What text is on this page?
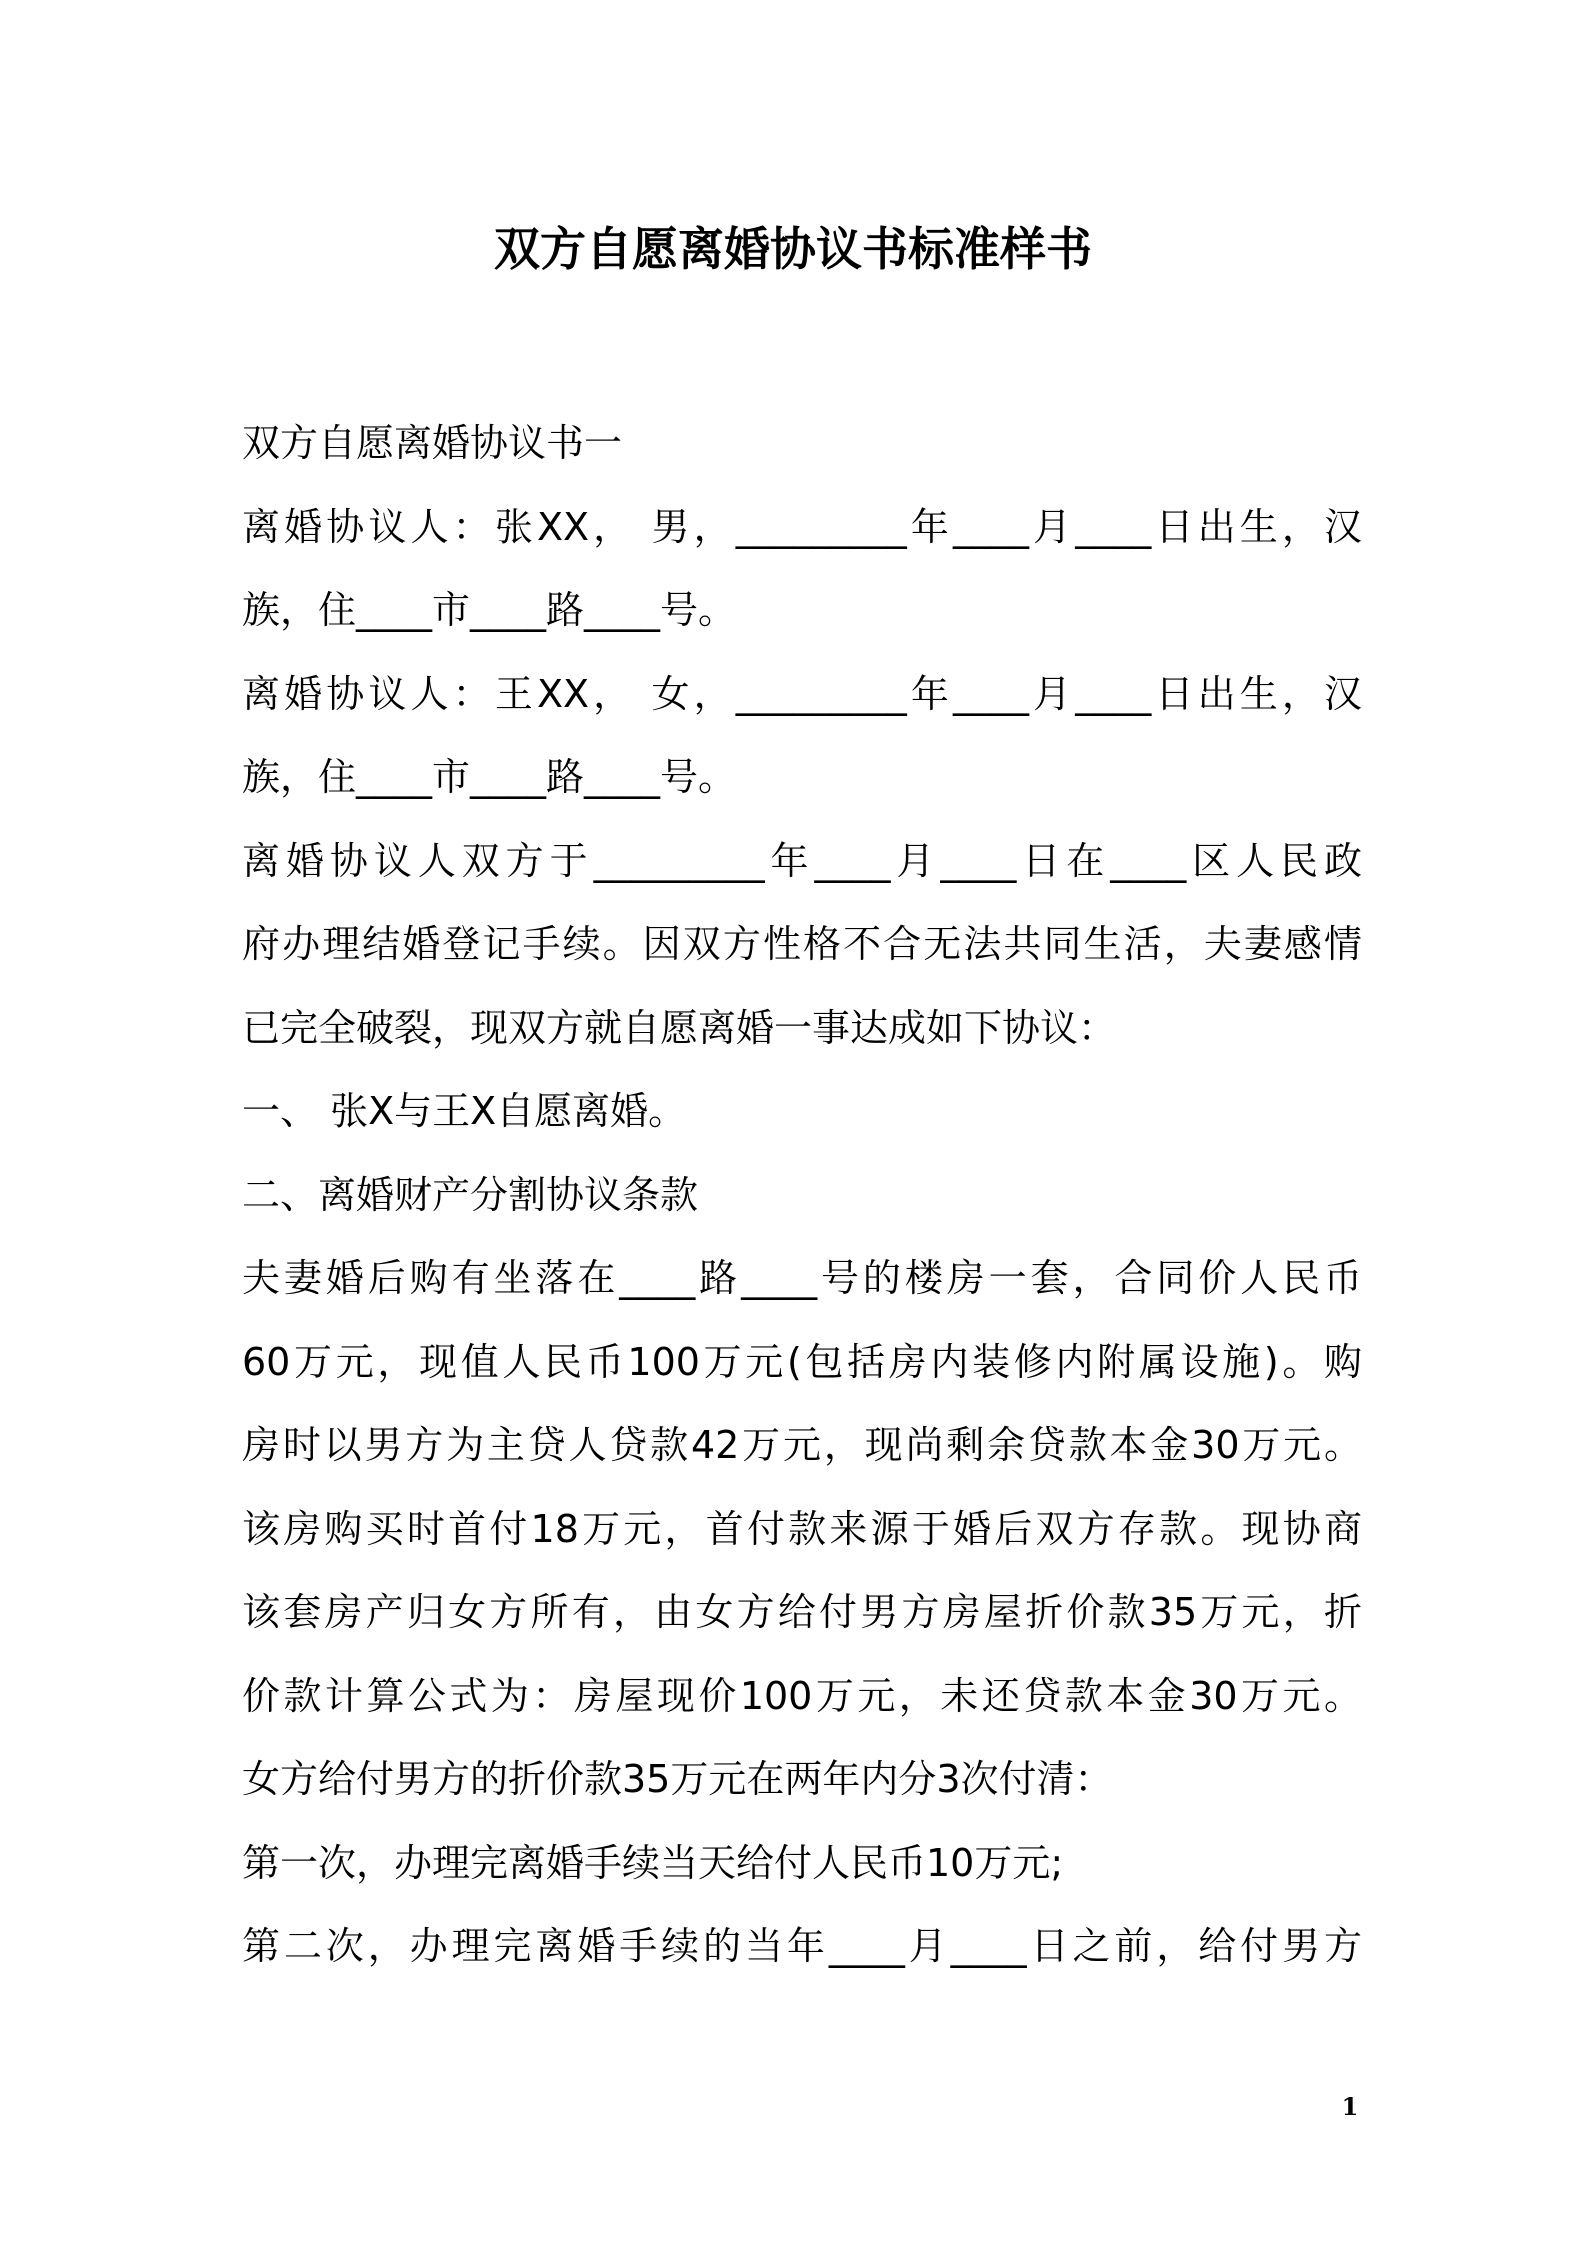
双方自愿离婚协议书标准样书
双方自愿离婚协议书一
离婚协议人：张XX， 男，_________年____月____日出生，汉
族，住____市____路____号。
离婚协议人：王XX， 女，_________年____月____日出生，汉
族，住____市____路____号。
离婚协议人双方于_________年____月____日在____区人民政
府办理结婚登记手续。因双方性格不合无法共同生活，夫妻感情
已完全破裂，现双方就自愿离婚一事达成如下协议：
一、 张X与王X自愿离婚。
二、离婚财产分割协议条款
夫妻婚后购有坐落在____路____号的楼房一套，合同价人民币
60万元，现值人民币100万元(包括房内装修内附属设施)。购
房时以男方为主贷人贷款42万元，现尚剩余贷款本金30万元。
该房购买时首付18万元，首付款来源于婚后双方存款。现协商
该套房产归女方所有，由女方给付男方房屋折价款35万元，折
价款计算公式为：房屋现价100万元，未还贷款本金30万元。
女方给付男方的折价款35万元在两年内分3次付清：
第一次，办理完离婚手续当天给付人民币10万元;
第二次，办理完离婚手续的当年____月____日之前，给付男方
1
